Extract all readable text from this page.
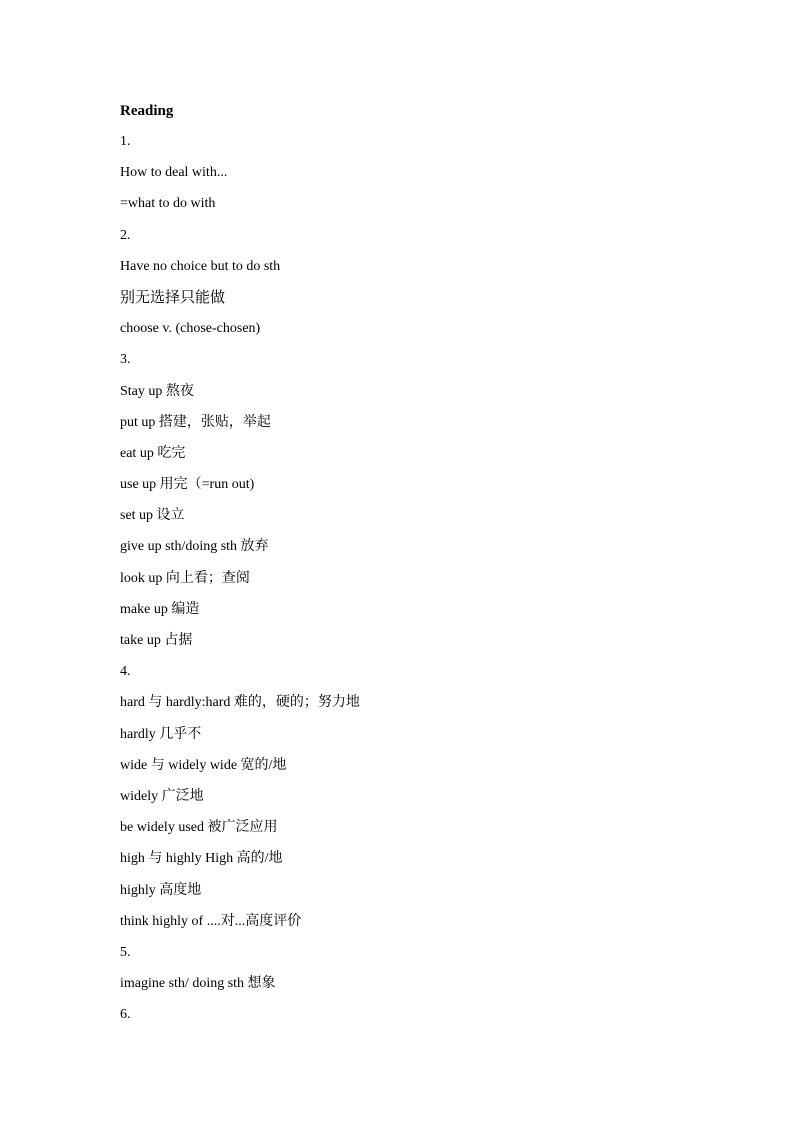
Reading
1.
How to deal with...
=what to do with
2.
Have no choice but to do sth
别无选择只能做
choose v. (chose-chosen)
3.
Stay up 熬夜
put up 搭建，张贴，举起
eat up 吃完
use up 用完（=run out)
set up 设立
give up sth/doing sth 放弃
look up 向上看；查阅
make up 编造
take up 占据
4.
hard 与 hardly:hard 难的，硬的；努力地
hardly 几乎不
wide 与 widely wide 宽的/地
widely 广泛地
be widely used 被广泛应用
high 与 highly High 高的/地
highly 高度地
think highly of ....对...高度评价
5.
imagine sth/ doing sth 想象
6.
